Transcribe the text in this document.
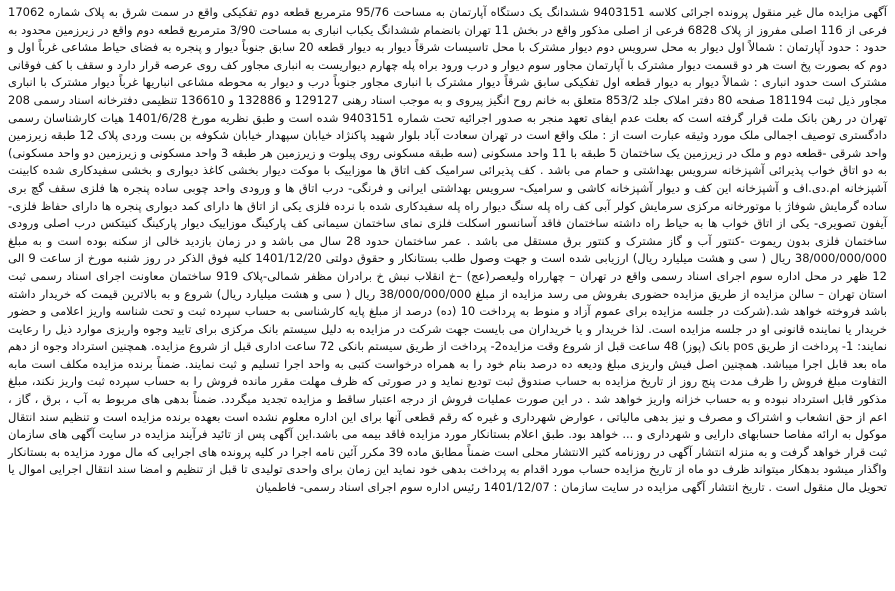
آگهی مزایده مال غیر منقول پرونده اجرائی کلاسه 9403151 ششدانگ یک دستگاه آپارتمان به مساحت 95/76 مترمربع قطعه دوم تفکیکی واقع در سمت شرق به پلاک شماره 17062 فرعی از 116 اصلی مفروز از پلاک 6828 فرعی از اصلی مذکور واقع در بخش 11 تهران بانضمام ششدانگ یکباب انباری به مساحت 3/90 مترمربع قطعه دوم واقع در زیرزمین محدود به حدود : حدود آپارتمان : شمالاً اول دیوار به محل سرویس دوم دیوار مشترک با محل تاسیسات شرقاً دیوار به دیوار قطعه 20 سابق جنوباً دیوار و پنجره به فضای حیاط مشاعی غرباً اول و دوم که بصورت پخ است هر دو قسمت دیوار مشترک با آپارتمان مجاور سوم دیوار و درب ورود براه پله چهارم دیواریست به انباری مجاور کف روی عرصه قرار دارد و سقف با کف فوقانی مشترک است حدود انباری : شمالاً دیوار به دیوار قطعه اول تفکیکی سابق شرقاً دیوار مشترک با انباری مجاور جنوباً درب و دیوار به محوطه مشاعی انباریها غرباً دیوار مشترک با انباری مجاور ذیل ثبت 181194 صفحه 80 دفتر املاک جلد 853/2 متعلق به خانم روح انگیز پیروی و به موجب اسناد رهنی 129127 و 132886 و 136610 تنظیمی دفترخانه اسناد رسمی 208 تهران در رهن بانک ملت قرار گرفته است که بعلت عدم ایفای تعهد منجر به صدور اجرائیه تحت شماره 9403151 شده است و طبق نظریه مورخ 1401/6/28 هیات کارشناسان رسمی دادگستری توصیف اجمالی ملک مورد وثیقه عبارت است از : ملک واقع است در تهران سعادت آباد بلوار شهید پاکنژاد خیابان سپهدار خیابان شکوفه بن بست وردی پلاک 12 طبقه زیرزمین واحد شرقی -قطعه دوم و ملک در زیرزمین یک ساختمان 5 طبقه با 11 واحد مسکونی (سه طبقه مسکونی روی پیلوت و زیرزمین هر طبقه 3 واحد مسکونی و زیرزمین دو واحد مسکونی) به دو اتاق خواب پذیرائی آشپزخانه سرویس بهداشتی و حمام می باشد . کف پذیرائی سرامیک کف اتاق ها موزاییک با موکت دیوار بخشی کاغذ دیواری و بخشی سفیدکاری شده کابینت آشپزخانه ام.دی.اف و آشپزخانه این کف و دیوار آشپزخانه کاشی و سرامیک- سرویس بهداشتی ایرانی و فرنگی- درب اتاق ها و ورودی واحد چوبی ساده پنجره ها فلزی سقف گچ بری ساده گرمایش شوفاژ با موتورخانه مرکزی سرمایش کولر آبی کف راه پله سنگ دیوار راه پله سفیدکاری شده با نرده فلزی یکی از اتاق ها دارای کمد دیواری پنجره ها دارای حفاظ فلزی- آیفون تصویری- یکی از اتاق خواب ها به حیاط راه داشته ساختمان فاقد آسانسور اسکلت فلزی نمای ساختمان سیمانی کف پارکینگ موزاییک دیوار پارکینگ کنیتکس درب اصلی ورودی ساختمان فلزی بدون ریموت -کنتور آب و گاز مشترک و کنتور برق مستقل می باشد . عمر ساختمان حدود 28 سال می باشد و در زمان بازدید خالی از سکنه بوده است و به مبلغ 38/000/000/000 ریال ( سی و هشت میلیارد ریال) ارزیابی شده است و جهت وصول طلب بستانکار و حقوق دولتی 1401/12/20 کلیه فوق الذکر در روز شنبه مورخ از ساعت 9 الی 12 ظهر در محل اداره سوم اجرای اسناد رسمی واقع در تهران – چهارراه ولیعصر(عج) –خ انقلاب نبش خ برادران مظفر شمالی-پلاک 919 ساختمان معاونت اجرای اسناد رسمی ثبت استان تهران – سالن مزایده از طریق مزایده حضوری بفروش می رسد مزایده از مبلغ 38/000/000/000 ریال ( سی و هشت میلیارد ریال) شروع و به بالاترین قیمت که خریدار داشته باشد فروخته خواهد شد.(شرکت در جلسه مزایده برای عموم آزاد و منوط به پرداخت 10 (ده) درصد از مبلغ پایه کارشناسی به حساب سپرده ثبت و تحت شناسه واریز اعلامی و حضور خریدار یا نماینده قانونی او در جلسه مزایده است. لذا خریدار و یا خریداران می بایست جهت شرکت در مزایده به دلیل سیستم بانک مرکزی برای تایید وجوه واریزی موارد ذیل را رعایت نمایند: 1- پرداخت از طریق pos بانک (پوز) 48 ساعت قبل از شروع وقت مزایده2- پرداخت از طریق سیستم بانکی 72 ساعت اداری قبل از شروع مزایده. همچنین استرداد وجوه از دهم ماه بعد قابل اجرا میباشد. همچنین اصل فیش واریزی مبلغ ودیعه ده درصد بنام خود را به همراه درخواست کتبی به واحد اجرا تسلیم و ثبت نمایند. ضمناً برنده مزایده مکلف است مابه التفاوت مبلغ فروش را ظرف مدت پنج روز از تاریخ مزایده به حساب صندوق ثبت تودیع نماید و در صورتی که ظرف مهلت مقرر مانده فروش را به حساب سپرده ثبت واریز نکند، مبلغ مذکور قابل استرداد نبوده و به حساب خزانه واریز خواهد شد . در این صورت عملیات فروش از درجه اعتبار ساقط و مزایده تجدید میگردد. ضمناً بدهی های مربوط به آب ، برق ، گاز ، اعم از حق انشعاب و اشتراک و مصرف و نیز بدهی مالیاتی ، عوارض شهرداری و غیره که رقم قطعی آنها برای این اداره معلوم نشده است بعهده برنده مزایده است و تنظیم سند انتقال موکول به ارائه مفاصا حسابهای دارایی و شهرداری و ... خواهد بود. طبق اعلام بستانکار مورد مزایده فاقد بیمه می باشد.این آگهی پس از تائید فرآیند مزایده در سایت آگهی های سازمان ثبت قرار خواهد گرفت و به منزله انتشار آگهی در روزنامه کثیر الانتشار محلی است ضمناً مطابق ماده 39 مکرر آئین نامه اجرا در کلیه پرونده های اجرایی که مال مورد مزایده به بستانکار واگذار میشود بدهکار میتواند ظرف دو ماه از تاریخ مزایده حساب مورد اقدام به پرداخت بدهی خود نماید این زمان برای واحدی تولیدی تا قبل از تنظیم و امضا سند انتقال اجرایی اموال یا تحویل مال منقول است . تاریخ انتشار آگهی مزایده در سایت سازمان : 1401/12/07 رئیس اداره سوم اجرای اسناد رسمی- فاطمیان
